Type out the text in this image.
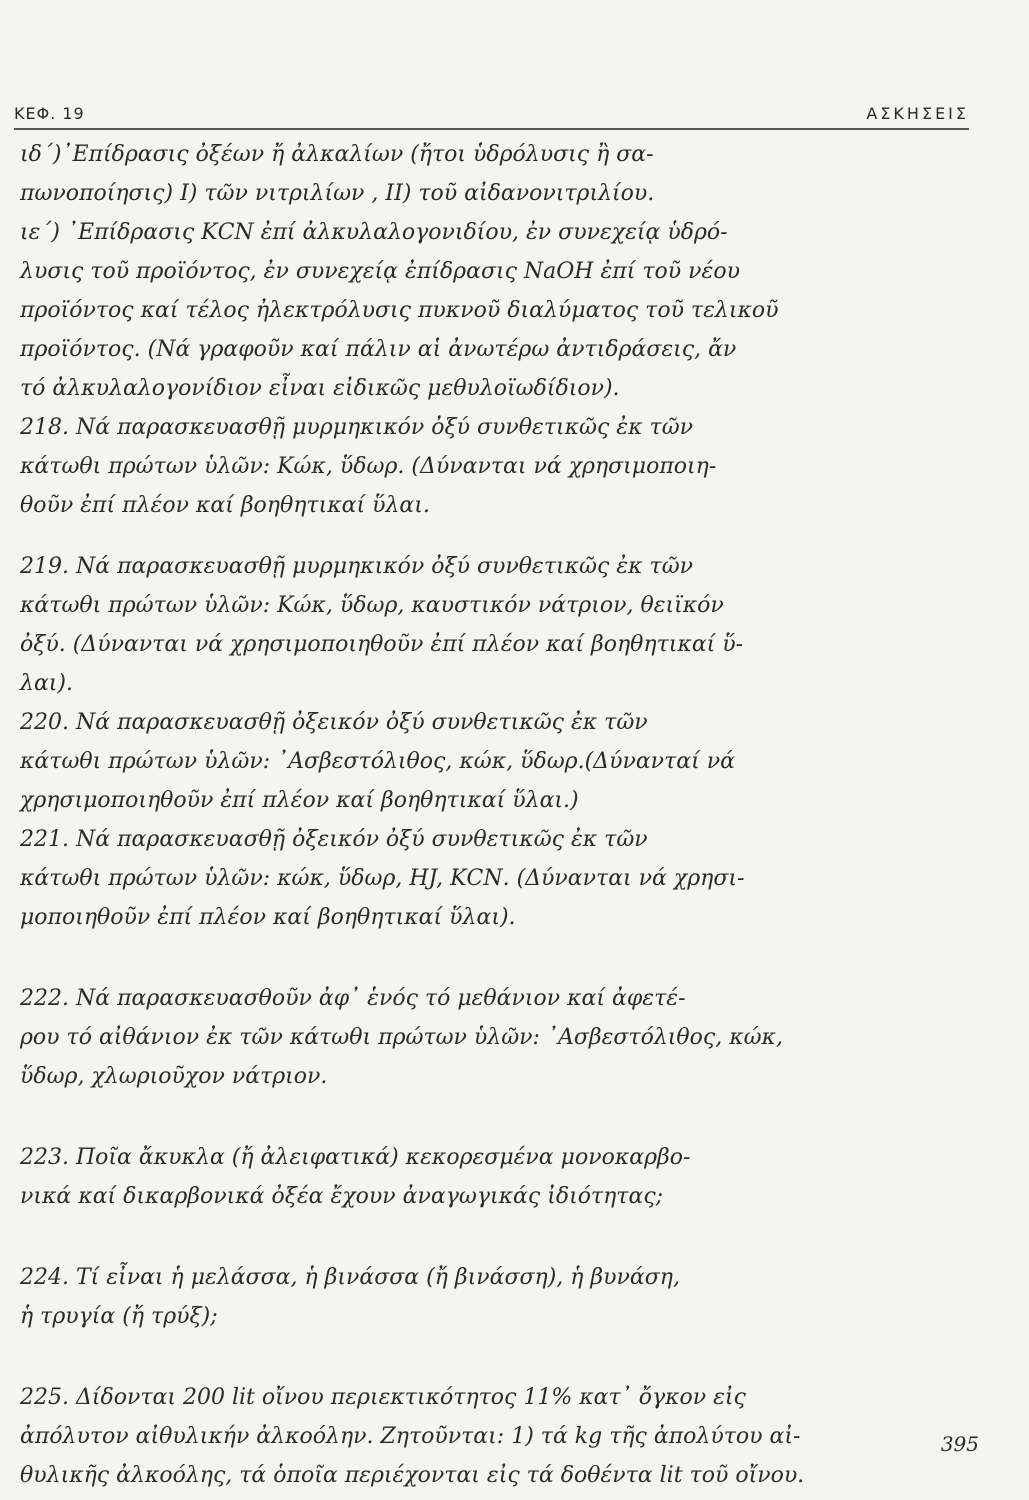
ΚΕΦ. 19	ΑΣΚΗΣΕΙΣ
ιδ´)᾽Επίδρασις ὀξέων ἤ ἀλκαλίων (ἤτοι ὑδρόλυσις ἢ σα-
πωνοποίησις) I) τῶν νιτριλίων , II) τοῦ αἰδανονιτριλίου.
ιε´) ᾽Επίδρασις ΚCN ἐπί ἀλκυλαλογονιδίου, ἐν συνεχείᾳ ὑδρό-
λυσις τοῦ προϊόντος, ἐν συνεχείᾳ ἐπίδρασις ΝaΟΗ ἐπί τοῦ νέου
προϊόντος καί τέλος ἠλεκτρόλυσις πυκνοῦ διαλύματος τοῦ τελικοῦ
προϊόντος. (Νά γραφοῦν καί πάλιν αἱ ἀνωτέρω ἀντιδράσεις, ἄν
τό ἀλκυλαλογονίδιον εἶναι εἰδικῶς μεθυλοϊωδίδιον).
218. Νά παρασκευασθῇ μυρμηκικόν ὀξύ συνθετικῶς ἐκ τῶν
κάτωθι πρώτων ὑλῶν: Κώκ, ὕδωρ. (Δύνανται νά χρησιμοποιη-
θοῦν ἐπί πλέον καί βοηθητικαί ὕλαι.
219. Νά παρασκευασθῇ μυρμηκικόν ὀξύ συνθετικῶς ἐκ τῶν
κάτωθι πρώτων ὑλῶν: Κώκ, ὕδωρ, καυστικόν νάτριον, θειϊκόν
ὀξύ. (Δύνανται νά χρησιμοποιηθοῦν ἐπί πλέον καί βοηθητικαί ὕ-
λαι).
220. Νά παρασκευασθῇ ὀξεικόν ὀξύ συνθετικῶς ἐκ τῶν
κάτωθι πρώτων ὑλῶν: ᾽Ασβεστόλιθος, κώκ, ὕδωρ.(Δύνανταί νά
χρησιμοποιηθοῦν ἐπί πλέον καί βοηθητικαί ὕλαι.)
221. Νά παρασκευασθῇ ὀξεικόν ὀξύ συνθετικῶς ἐκ τῶν
κάτωθι πρώτων ὑλῶν: κώκ, ὕδωρ, ΗJ, ΚCΝ. (Δύνανται νά χρησι-
μοποιηθοῦν ἐπί πλέον καί βοηθητικαί ὕλαι).
222. Νά παρασκευασθοῦν ἀφ᾽ ἑνός τό μεθάνιον καί ἀφετέ-
ρου τό αἰθάνιον ἐκ τῶν κάτωθι πρώτων ὑλῶν: ᾽Ασβεστόλιθος, κώκ,
ὕδωρ, χλωριοῦχον νάτριον.
223. Ποῖα ἄκυκλα (ἤ ἀλειφατικά) κεκορεσμένα μονοκαρβο-
νικά καί δικαρβονικά ὀξέα ἔχουν ἀναγωγικάς ἰδιότητας;
224. Τί εἶναι ἡ μελάσσα, ἡ βινάσσα (ἤ βινάσση), ἡ βυνάση,
ἡ τρυγία (ἤ τρύξ);
225. Δίδονται 200 lit οἴνου περιεκτικότητος 11% κατ᾽ ὄγκον εἰς
ἀπόλυτον αἰθυλικήν ἀλκοόλην. Ζητοῦνται: 1) τά kg τῆς ἀπολύτου αἰ-
θυλικῆς ἀλκοόλης, τά ὁποῖα περιέχονται εἰς τά δοθέντα lit τοῦ οἴνου.
395
